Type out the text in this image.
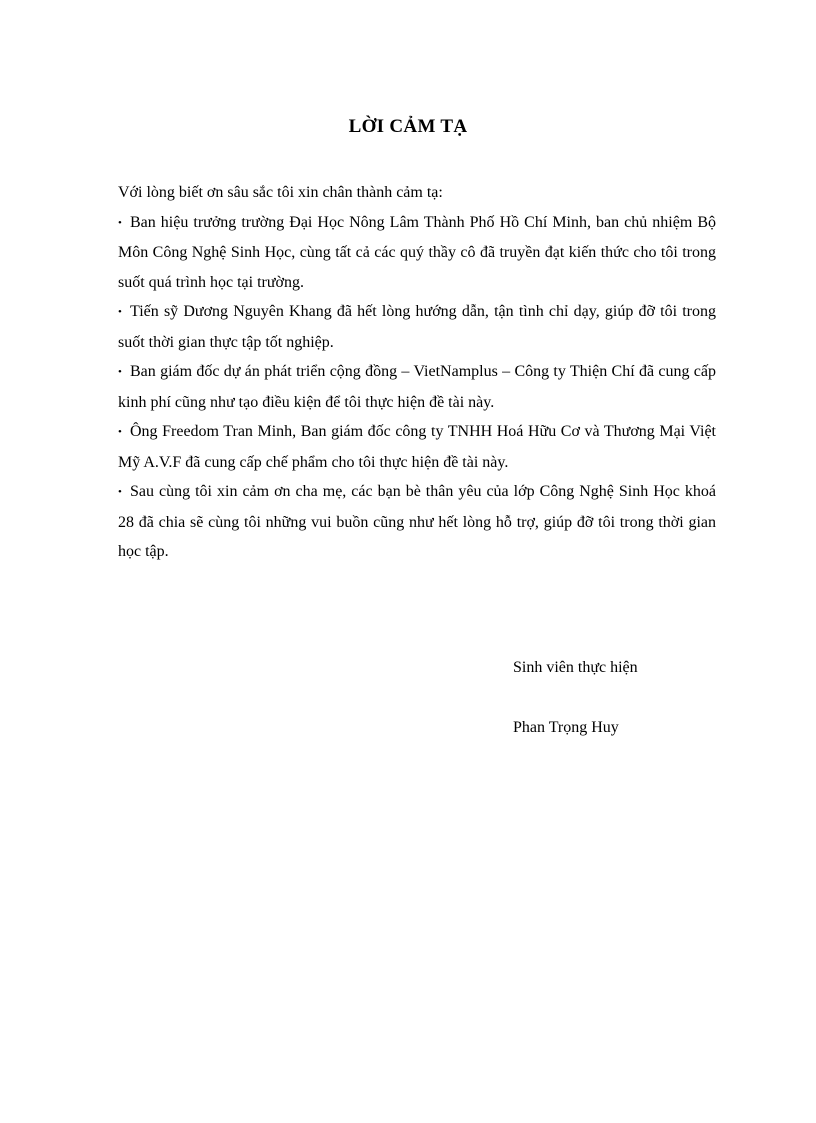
LỜI CẢM TẠ

Với lòng biết ơn sâu sắc tôi xin chân thành cảm tạ:

• Ban hiệu trưởng trường Đại Học Nông Lâm Thành Phố Hồ Chí Minh, ban chủ nhiệm Bộ Môn Công Nghệ Sinh Học, cùng tất cả các quý thầy cô đã truyền đạt kiến thức cho tôi trong suốt quá trình học tại trường.

• Tiến sỹ Dương Nguyên Khang đã hết lòng hướng dẫn, tận tình chỉ dạy, giúp đỡ tôi trong suốt thời gian thực tập tốt nghiệp.

• Ban giám đốc dự án phát triển cộng đồng – VietNamplus – Công ty Thiện Chí đã cung cấp kinh phí cũng như tạo điều kiện để tôi thực hiện đề tài này.

• Ông Freedom Tran Minh, Ban giám đốc công ty TNHH Hoá Hữu Cơ và Thương Mại Việt Mỹ A.V.F đã cung cấp chế phẩm cho tôi thực hiện đề tài này.

• Sau cùng tôi xin cảm ơn cha mẹ, các bạn bè thân yêu của lớp Công Nghệ Sinh Học khoá 28 đã chia sẽ cùng tôi những vui buồn cũng như hết lòng hỗ trợ, giúp đỡ tôi trong thời gian học tập.

Sinh viên thực hiện
Phan Trọng Huy
